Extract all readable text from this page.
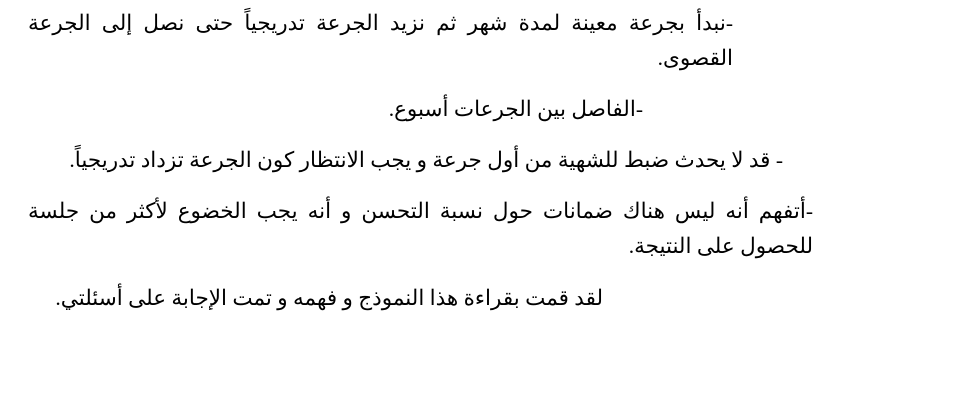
-نبدأ بجرعة معينة لمدة شهر ثم نزيد الجرعة تدريجياً حتى نصل إلى الجرعة القصوى.

-الفاصل بين الجرعات أسبوع.

- قد لا يحدث ضبط للشهية من أول جرعة و يجب الانتظار كون الجرعة تزداد تدريجياً.

-أتفهم أنه ليس هناك ضمانات حول نسبة التحسن و أنه يجب الخضوع لأكثر من جلسة للحصول على النتيجة.

لقد قمت بقراءة هذا النموذج و فهمه و تمت الإجابة على أسئلتي.
